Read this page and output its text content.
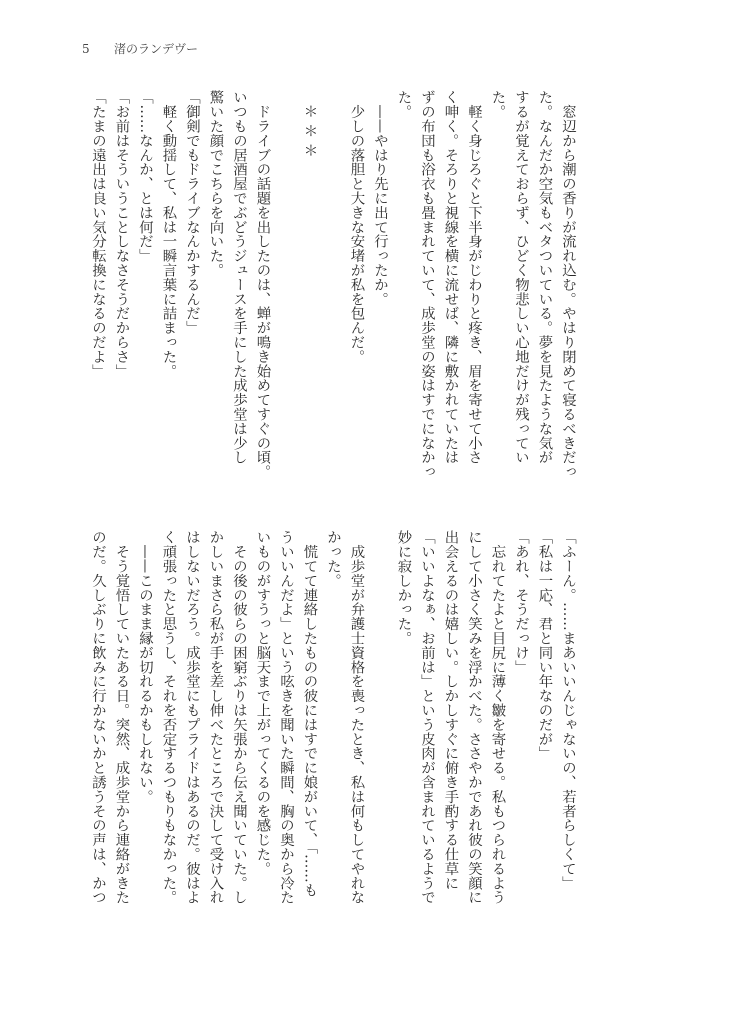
5 渚のランデヴー
　窓辺から潮の香りが流れ込む。やはり閉めて寝るべきだっ
た。なんだか空気もベタついている。夢を見たような気が
するが覚えておらず、ひどく物悲しい心地だけが残ってい
た。
　軽く身じろぐと下半身がじわりと疼き、眉を寄せて小さ
く呻く。そろりと視線を横に流せば、隣に敷かれていたは
ずの布団も浴衣も畳まれていて、成歩堂の姿はすでになかっ
た。
　——やはり先に出て行ったか。
　少しの落胆と大きな安堵が私を包んだ。
＊＊＊
　ドライブの話題を出したのは、蝉が鳴き始めてすぐの頃。
いつもの居酒屋でぶどうジュースを手にした成歩堂は少し
驚いた顔でこちらを向いた。
「御剣でもドライブなんかするんだ」
　軽く動揺して、私は一瞬言葉に詰まった。
「……なんか、とは何だ」
「お前はそういうことしなさそうだからさ」
「たまの遠出は良い気分転換になるのだよ」
「ふーん。……まあいいんじゃないの、若者らしくて」
「私は一応、君と同い年なのだが」
「あれ、そうだっけ」
　忘れてたよと目尻に薄く皺を寄せる。私もつられるよう
にして小さく笑みを浮かべた。ささやかであれ彼の笑顔に
出会えるのは嬉しい。しかしすぐに俯き手酌する仕草に
「いいよなぁ、お前は」という皮肉が含まれているようで
妙に寂しかった。
　成歩堂が弁護士資格を喪ったとき、私は何もしてやれな
かった。
　慌てて連絡したものの彼にはすでに娘がいて、「……も
ういいんだよ」という呟きを聞いた瞬間、胸の奥から冷た
いものがすうっと脳天まで上がってくるのを感じた。
　その後の彼らの困窮ぶりは矢張から伝え聞いていた。し
かしいまさら私が手を差し伸べたところで決して受け入れ
はしないだろう。成歩堂にもプライドはあるのだ。彼はよ
く頑張ったと思うし、それを否定するつもりもなかった。
　——このまま縁が切れるかもしれない。
　そう覚悟していたある日。突然、成歩堂から連絡がきた
のだ。久しぶりに飲みに行かないかと誘うその声は、かつ
